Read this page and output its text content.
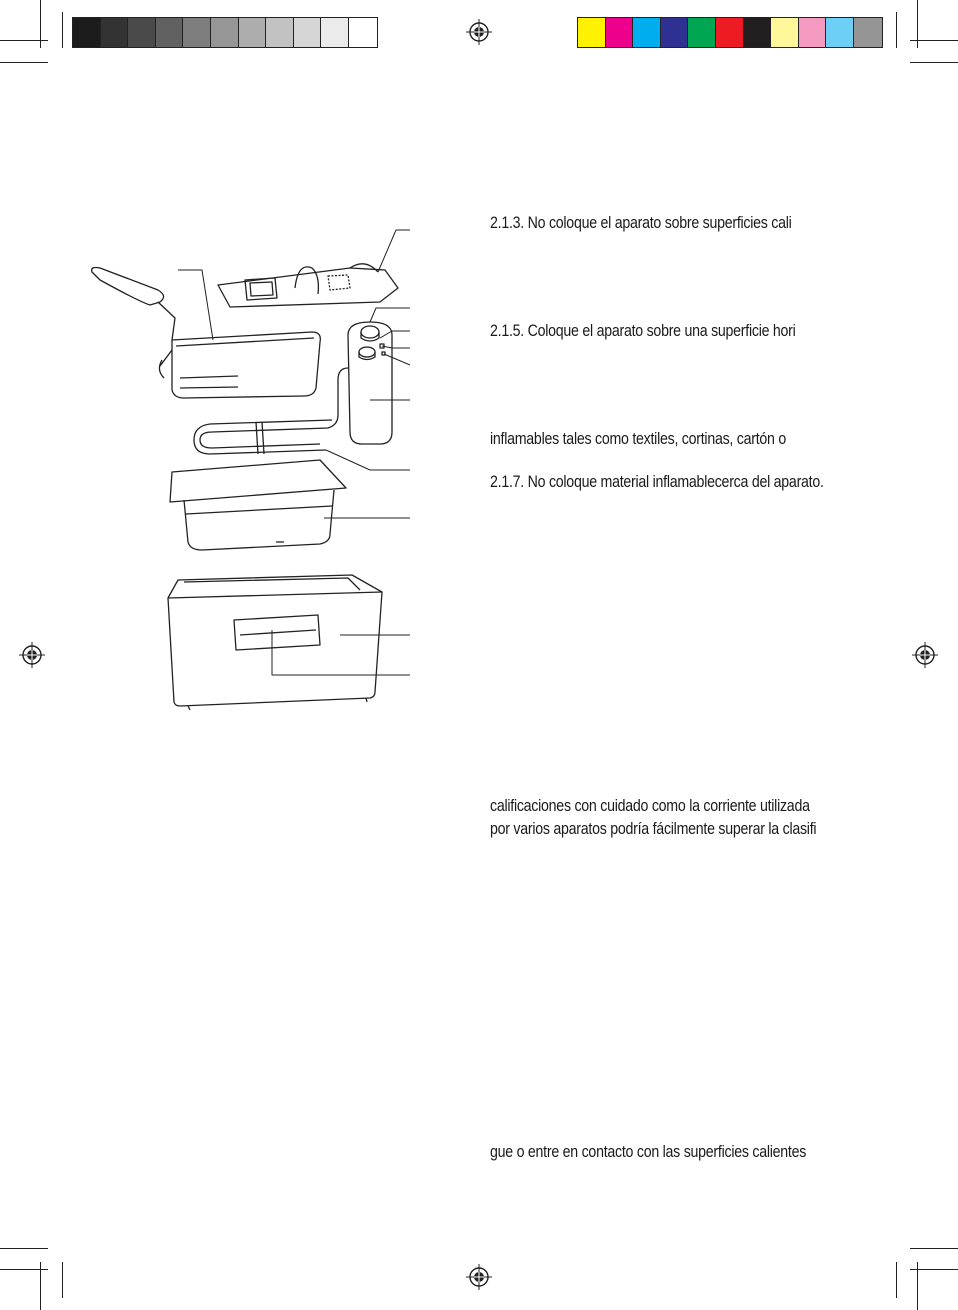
2.1.3. No coloque el aparato sobre superficies cali
2.1.5. Coloque el aparato sobre una superficie hori
inflamables tales como textiles, cortinas, cartón o
2.1.7. No coloque material inflamablecerca del aparato.
calificaciones con cuidado como la corriente utilizada
por varios aparatos podría fácilmente superar la clasifi
gue o entre en contacto con las superficies calientes
